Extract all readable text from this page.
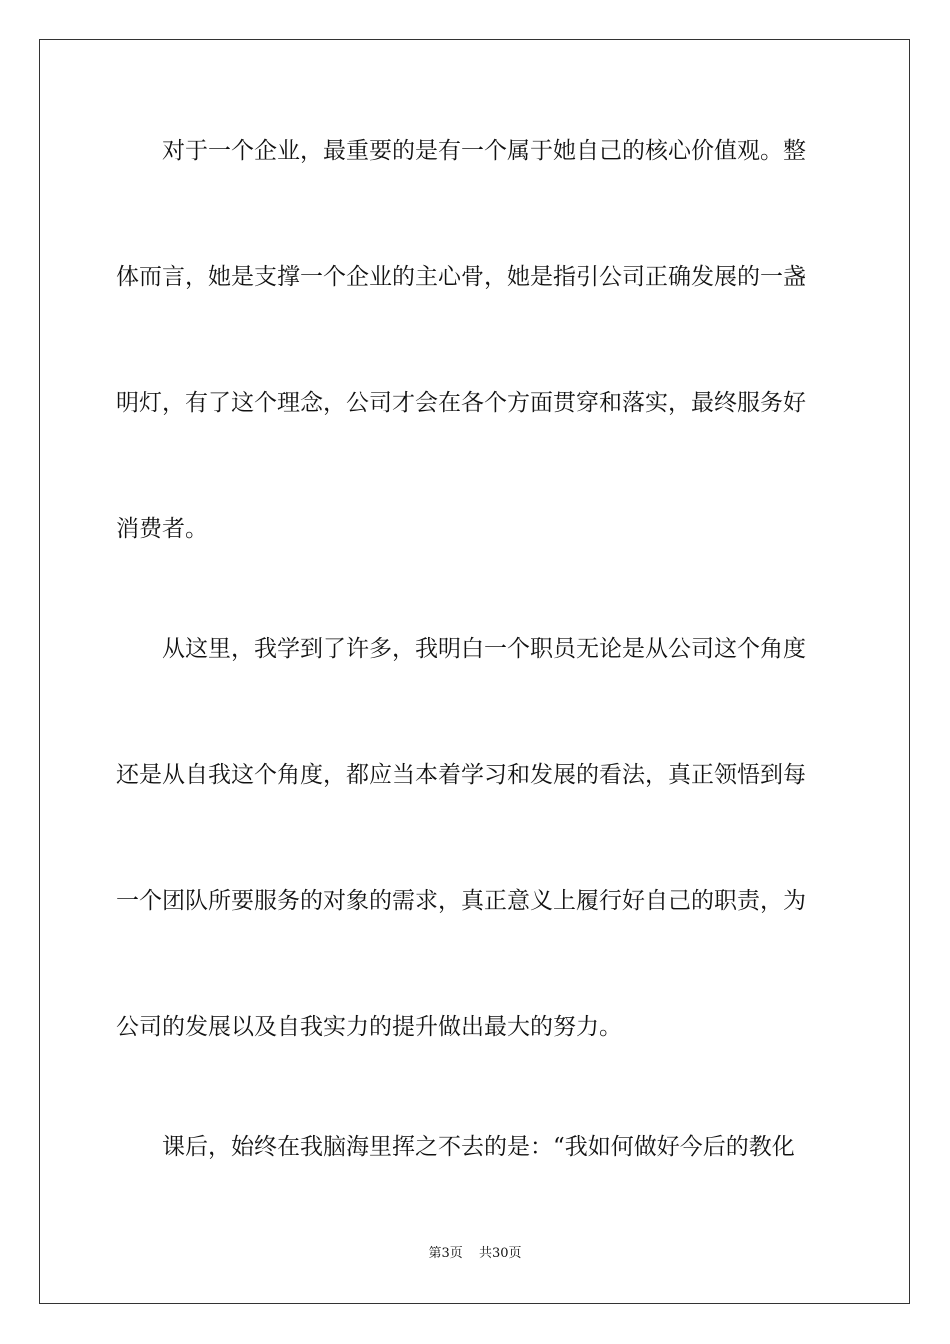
　　对于一个企业，最重要的是有一个属于她自己的核心价值观。整
体而言，她是支撑一个企业的主心骨，她是指引公司正确发展的一盏
明灯，有了这个理念，公司才会在各个方面贯穿和落实，最终服务好
消费者。
　　从这里，我学到了许多，我明白一个职员无论是从公司这个角度
还是从自我这个角度，都应当本着学习和发展的看法，真正领悟到每
一个团队所要服务的对象的需求，真正意义上履行好自己的职责，为
公司的发展以及自我实力的提升做出最大的努力。
　　课后，始终在我脑海里挥之不去的是：“我如何做好今后的教化
第3页 共30页
